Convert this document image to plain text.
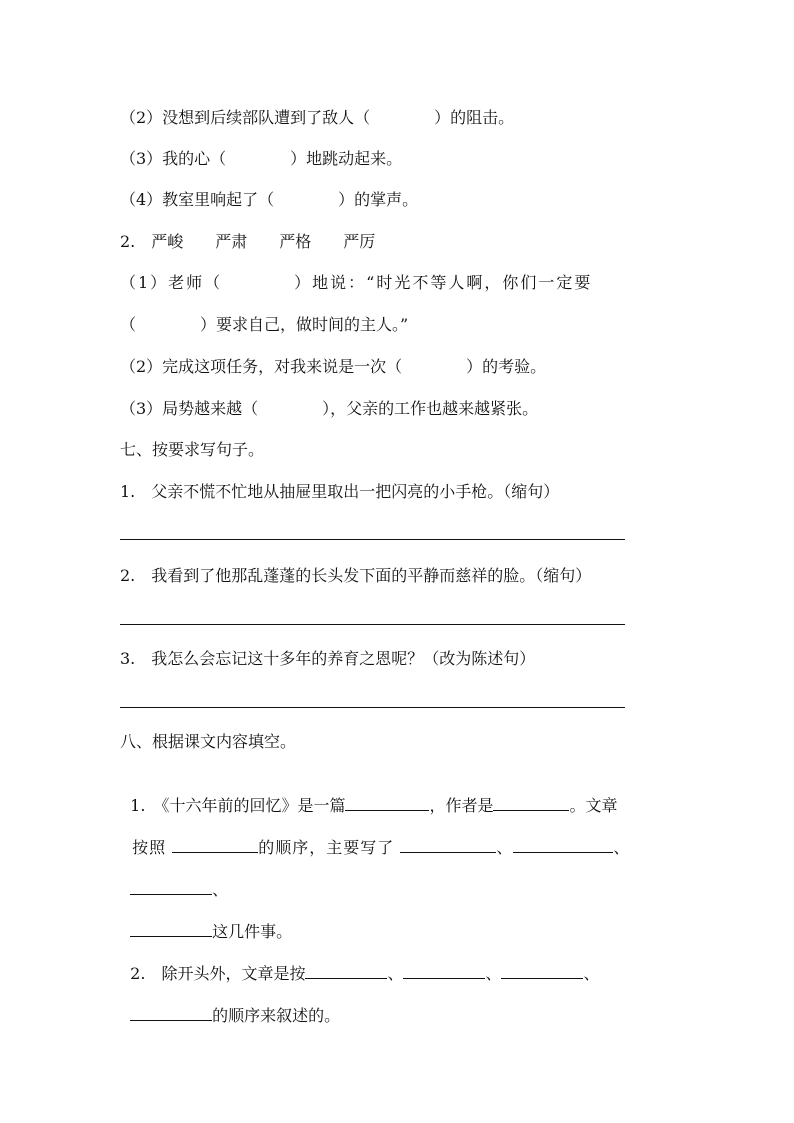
（2）没想到后续部队遭到了敌人（　　　　）的阻击。
（3）我的心（　　　　）地跳动起来。
（4）教室里响起了（　　　　）的掌声。
2.　严峻　　严肃　　严格　　严厉
（1）老师（　　　　）地说：“时光不等人啊，你们一定要
（　　　　）要求自己，做时间的主人。”
（2）完成这项任务，对我来说是一次（　　　　）的考验。
（3）局势越来越（　　　　），父亲的工作也越来越紧张。
七、按要求写句子。
1.　父亲不慌不忙地从抽屉里取出一把闪亮的小手枪。（缩句）
2.　我看到了他那乱蓬蓬的长头发下面的平静而慈祥的脸。（缩句）
3.　我怎么会忘记这十多年的养育之恩呢？（改为陈述句）
八、根据课文内容填空。

1.　《十六年前的回忆》是一篇	，作者是	。文章

按照	的顺序，主要写了	、	、

、

这几件事。

2.　除开头外，文章是按	、	、	、

的顺序来叙述的。
